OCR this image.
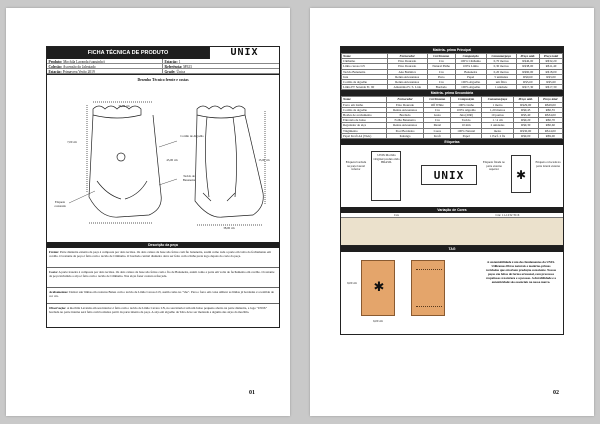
FICHA TÉCNICA DE PRODUTO	UNIX
Produto:Mochila Lavanda (saquinho)	Estação:1
Coleção:Ascensão do Jaleqiado	Referência:M923
Estação:Primavera Verão 2019	Grade:Única
Desenho Técnico frente e costas
35,00 cm
7,00 cm
45,00 cm	15,00 cm
38,00 cm
Cordão de Algodão
Etiqueta costurada
Tecido de Bananeira
Descrição da peça
Frente: Parte dianteira externa da peça é composta por dois tecidos. Os dois cantos da base são feitos com fio bananeira, assim como toda a parte em volta do fechamento em cordão. O restante da peça é feita com o tecido de Cânhamo. O bordado central dianteiro deve ser feito com a linha preta logo depois do corte da peça.
Costa: A parte traseira é composta por dois tecidos. Os dois cantos da base são feitos com o fio de Bananeira, assim como a parte em volta do fechamento em cordão. O restante da peça incluindo a alça é feito com o tecido de Cânhamo. Nas alças fazer costura reforçada.
Acabamentos: Deixar sair linhas em costuras Banas com o tecido de Linho Caroso LN, assim como no "vão". Para o forro em coisa utilizar as linhas já bordadas é a textilde de cor cru.
Observação: A mochila Lavanda em seu interior é feita com o tecido de Linho Cavaro LN, no seu interior tem um bolso pequeno aberto na parte dianteira, a logo "UNIX" bordada no parte interna será feita com bordados partir da parte interna da peça. A alça em algodão da TAG deve ser montada a alguma das alças da mochila.
01
Matéria- prima Principal
Nome	Fornecedor	Cor/Insumo	Composição	Consumo/peça	Preço unit.	Preço total
Cânhamo	Eixo Dourado	Cru	100% Cânhamo	0,70 metros	R$46,00	R$32,20
Linho caroso LN	Eixo Dourado	Natural Pinho	100% Linho	0,30 metros	R$38,00	R$11,40
Tecido Bananeira	Ana Botânica	Cru	Bananeira	0,20 metros	R$90,00	R$18,00
Juta	Renna Artesanatos	Preto	Papel	5 unidades	R$0,60	R$3,00
Cordão de algodão	Renna Artesanatos	Cru	100% Algodão	um fibra	R$5,60	R$5,60
Linha PT Serenda Fr. 90	Amazônia Fr. S. Ltda	Bordado	100% Algodão	1 unidade	R$17,30	R$17,30
Matéria- prima Secundária
Nome	Fornecedor	Cor/Insumo	Composição	Consumo/peça	Preço unit.	Preço total
Forro em Linho	Eixo Dourado	Off White	100% Linho	1 metro	R$29,00	R$29,00
Cordão de algodão	Renna Artesanatos	Cru	100% Algodão	1,20 metros	R$0,45	R$0,55
Botões de acabamento	Bordado	Guza	Juta (20R)	10 pontos	R$3,40	R$34,00
Entretela de bolso	Folha Bananeira	Cru	Tecido	1 / 4 cm	R$0,20	R$0,70
Regulador de alça	Renna Artesanatos	Metal	10 mm	2 unidades	R$0,30	R$0,60
Tingimento	Pool Bordados	Cores	100% Natural	metro	R$30,00	R$14,00
Papel Kraft A4 (TAG)	Kalunga	Kraft	Papel	1 Pacf. 2 fls	R$9,00	R$9,00
Etiquetas
Etiqueta bordada na parte lateral inferior
UNIX Mochila Original produto mão BRASIL
UNIX
Etiqueta fixada no parte externa superior	✱
Etiqueta colocada na parte lateral externa
Variação de Cores
Cru	Cru: 11-1232 TCX
TAG
✱
9,00 cm
6,00 cm
A sustentabilidade é um dos fundamentos da UNIX. Utilizamos fibras naturais e matérias-primas recicladas que envolvem produção consciente. Nossas peças são feitas de forma artesanal, com processos respeitosos à natureza e a pessoas. A durabilidade e a autenticidade são essenciais na nossa marca.
02
